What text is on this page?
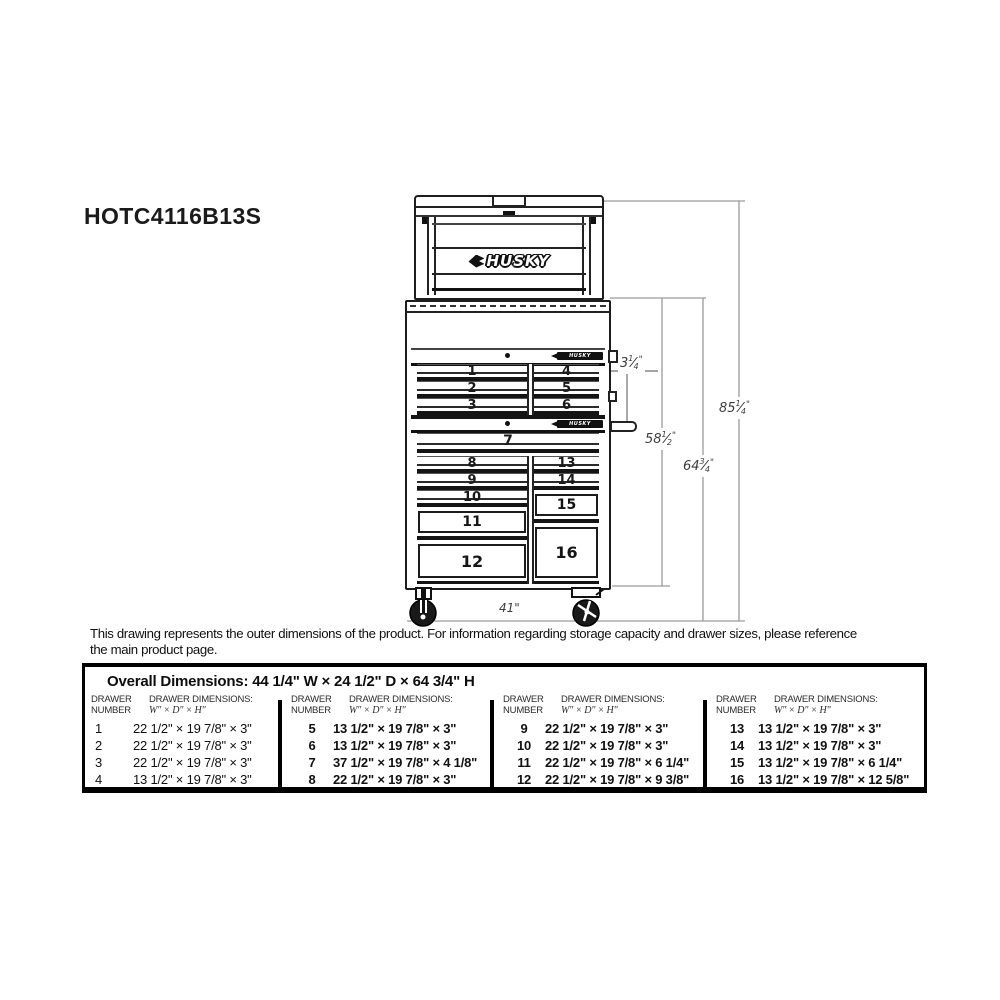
HOTC4116B13S
HUSKY
HUSKY
1
2
3
4
5
6
HUSKY
7
8
9
10
11
12
13
14
15
16
$3^1⁄_4^"$
$58^1⁄_2^"$
$64^3⁄_4^"$
$85^1⁄_4^"$
41"
This drawing represents the outer dimensions of the product. For information regarding storage capacity and drawer sizes, please reference
the main product page.
Overall Dimensions: 44 1/4" W × 24 1/2" D × 64 3/4" H
DRAWER	DRAWER DIMENSIONS:
NUMBER	W" × D" × H"
1	22 1/2" × 19 7/8" × 3"
2	22 1/2" × 19 7/8" × 3"
3	22 1/2" × 19 7/8" × 3"
4	13 1/2" × 19 7/8" × 3"
DRAWER	DRAWER DIMENSIONS:
NUMBER	W" × D" × H"
5	13 1/2" × 19 7/8" × 3"
6	13 1/2" × 19 7/8" × 3"
7	37 1/2" × 19 7/8" × 4 1/8"
8	22 1/2" × 19 7/8" × 3"
DRAWER	DRAWER DIMENSIONS:
NUMBER	W" × D" × H"
9	22 1/2" × 19 7/8" × 3"
10	22 1/2" × 19 7/8" × 3"
11	22 1/2" × 19 7/8" × 6 1/4"
12	22 1/2" × 19 7/8" × 9 3/8"
DRAWER	DRAWER DIMENSIONS:
NUMBER	W" × D" × H"
13	13 1/2" × 19 7/8" × 3"
14	13 1/2" × 19 7/8" × 3"
15	13 1/2" × 19 7/8" × 6 1/4"
16	13 1/2" × 19 7/8" × 12 5/8"
